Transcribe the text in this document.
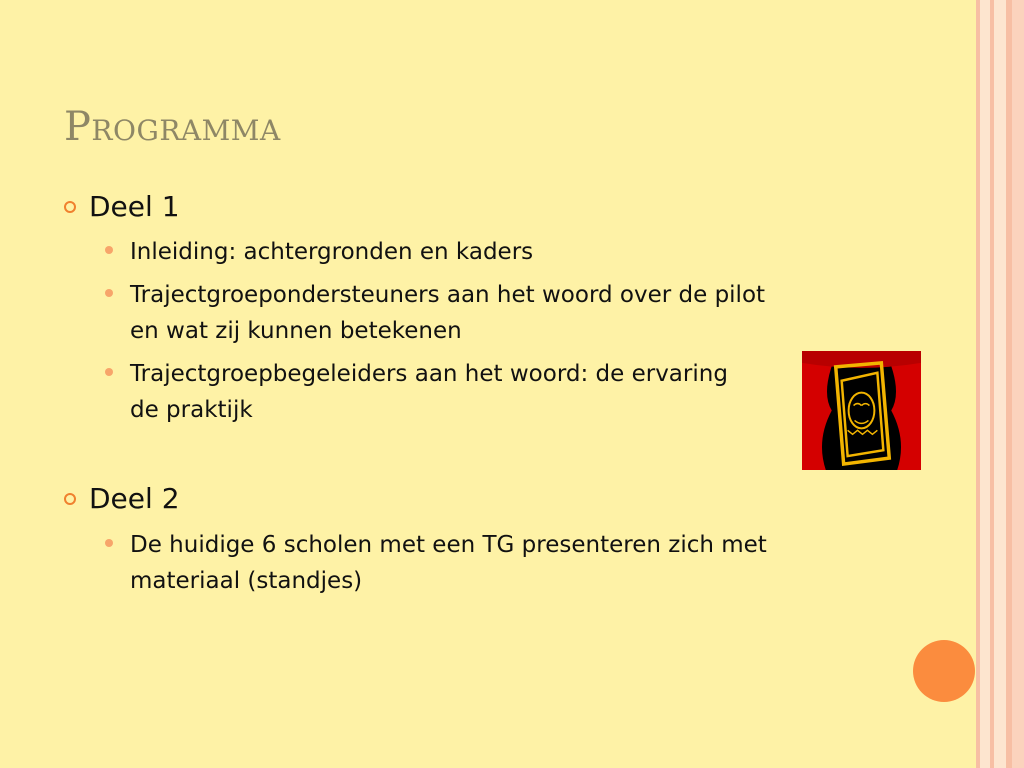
Programma
Deel 1
Inleiding: achtergronden en kaders
Trajectgroepondersteuners aan het woord over de pilot
en wat zij kunnen betekenen
Trajectgroepbegeleiders aan het woord: de ervaring
de praktijk
Deel 2
De huidige 6 scholen met een TG presenteren zich met
materiaal (standjes)
